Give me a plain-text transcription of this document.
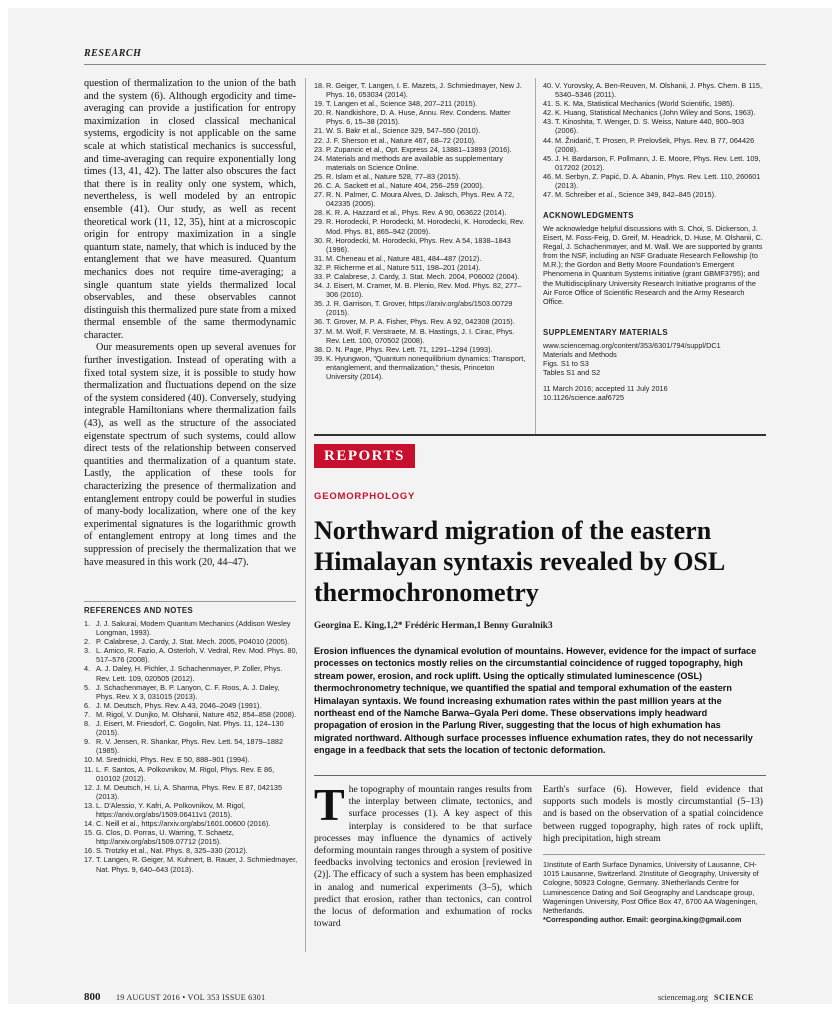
RESEARCH

question of thermalization to the union of the bath and the system (6). Although ergodicity and time-averaging can provide a justification for entropy maximization in closed classical mechanical systems, ergodicity is not applicable on the same scale at which statistical mechanics is successful, and time-averaging can require exponentially long times (13, 41, 42). The latter also obscures the fact that there is in reality only one system, which, nevertheless, is well modeled by an entropic ensemble (41). Our study, as well as recent theoretical work (11, 12, 35), hint at a microscopic origin for entropy maximization in a single quantum state, namely, that which is induced by the entanglement that we have measured. Quantum mechanics does not require time-averaging; a single quantum state yields thermalized local observables, and these observables cannot distinguish this thermalized pure state from a mixed thermal ensemble of the same thermodynamic character.

Our measurements open up several avenues for further investigation. Instead of operating with a fixed total system size, it is possible to study how thermalization and fluctuations depend on the size of the system considered (40). Conversely, studying integrable Hamiltonians where thermalization fails (43), as well as the structure of the associated eigenstate spectrum of such systems, could allow direct tests of the relationship between conserved quantities and thermalization of a quantum state. Lastly, the application of these tools for characterizing the presence of thermalization and entanglement entropy could be powerful in studies of many-body localization, where one of the key experimental signatures is the logarithmic growth of entanglement entropy at long times and the suppression of precisely the thermalization that we have measured in this work (20, 44–47).

REFERENCES AND NOTES
1. J. J. Sakurai, Modern Quantum Mechanics (Addison Wesley Longman, 1993).
2. P. Calabrese, J. Cardy, J. Stat. Mech. 2005, P04010 (2005).
3. L. Amico, R. Fazio, A. Osterloh, V. Vedral, Rev. Mod. Phys. 80, 517–576 (2008).
4. A. J. Daley, H. Pichler, J. Schachenmayer, P. Zoller, Phys. Rev. Lett. 109, 020505 (2012).
5. J. Schachenmayer, B. P. Lanyon, C. F. Roos, A. J. Daley, Phys. Rev. X 3, 031015 (2013).
6. J. M. Deutsch, Phys. Rev. A 43, 2046–2049 (1991).
7. M. Rigol, V. Dunjko, M. Olshanii, Nature 452, 854–858 (2008).
8. J. Eisert, M. Friesdorf, C. Gogolin, Nat. Phys. 11, 124–130 (2015).
9. R. V. Jensen, R. Shankar, Phys. Rev. Lett. 54, 1879–1882 (1985).
10. M. Srednicki, Phys. Rev. E 50, 888–901 (1994).
11. L. F. Santos, A. Polkovnikov, M. Rigol, Phys. Rev. E 86, 010102 (2012).
12. J. M. Deutsch, H. Li, A. Sharma, Phys. Rev. E 87, 042135 (2013).
13. L. D'Alessio, Y. Kafri, A. Polkovnikov, M. Rigol, https://arxiv.org/abs/1509.06411v1 (2015).
14. C. Neill et al., https://arxiv.org/abs/1601.00600 (2016).
15. G. Clos, D. Porras, U. Warring, T. Schaetz, http://arxiv.org/abs/1509.07712 (2015).
16. S. Trotzky et al., Nat. Phys. 8, 325–330 (2012).
17. T. Langen, R. Geiger, M. Kuhnert, B. Rauer, J. Schmiedmayer, Nat. Phys. 9, 640–643 (2013).
18. R. Geiger, T. Langen, I. E. Mazets, J. Schmiedmayer, New J. Phys. 16, 053034 (2014).
19. T. Langen et al., Science 348, 207–211 (2015).
20. R. Nandkishore, D. A. Huse, Annu. Rev. Condens. Matter Phys. 6, 15–38 (2015).
21. W. S. Bakr et al., Science 329, 547–550 (2010).
22. J. F. Sherson et al., Nature 467, 68–72 (2010).
23. P. Zupancic et al., Opt. Express 24, 13881–13893 (2016).
24. Materials and methods are available as supplementary materials on Science Online.
25. R. Islam et al., Nature 528, 77–83 (2015).
26. C. A. Sackett et al., Nature 404, 256–259 (2000).
27. R. N. Palmer, C. Moura Alves, D. Jaksch, Phys. Rev. A 72, 042335 (2005).
28. K. R. A. Hazzard et al., Phys. Rev. A 90, 063622 (2014).
29. R. Horodecki, P. Horodecki, M. Horodecki, K. Horodecki, Rev. Mod. Phys. 81, 865–942 (2009).
30. R. Horodecki, M. Horodecki, Phys. Rev. A 54, 1838–1843 (1996).
31. M. Cheneau et al., Nature 481, 484–487 (2012).
32. P. Richerme et al., Nature 511, 198–201 (2014).
33. P. Calabrese, J. Cardy, J. Stat. Mech. 2004, P06002 (2004).
34. J. Eisert, M. Cramer, M. B. Plenio, Rev. Mod. Phys. 82, 277–306 (2010).
35. J. R. Garrison, T. Grover, https://arxiv.org/abs/1503.00729 (2015).
36. T. Grover, M. P. A. Fisher, Phys. Rev. A 92, 042308 (2015).
37. M. M. Wolf, F. Verstraete, M. B. Hastings, J. I. Cirac, Phys. Rev. Lett. 100, 070502 (2008).
38. D. N. Page, Phys. Rev. Lett. 71, 1291–1294 (1993).
39. K. Hyungwon, "Quantum nonequilibrium dynamics: Transport, entanglement, and thermalization," thesis, Princeton University (2014).
40. V. Yurovsky, A. Ben-Reuven, M. Olshanii, J. Phys. Chem. B 115, 5340–5346 (2011).
41. S. K. Ma, Statistical Mechanics (World Scientific, 1985).
42. K. Huang, Statistical Mechanics (John Wiley and Sons, 1963).
43. T. Kinoshita, T. Wenger, D. S. Weiss, Nature 440, 900–903 (2006).
44. M. Žnidarič, T. Prosen, P. Prelovšek, Phys. Rev. B 77, 064426 (2008).
45. J. H. Bardarson, F. Pollmann, J. E. Moore, Phys. Rev. Lett. 109, 017202 (2012).
46. M. Serbyn, Z. Papić, D. A. Abanin, Phys. Rev. Lett. 110, 260601 (2013).
47. M. Schreiber et al., Science 349, 842–845 (2015).
ACKNOWLEDGMENTS
We acknowledge helpful discussions with S. Choi, S. Dickerson, J. Eisert, M. Foss-Feig, D. Greif, M. Headrick, D. Huse, M. Olshanii, C. Regal, J. Schachenmayer, and M. Wall. We are supported by grants from the NSF, including an NSF Graduate Research Fellowship (to M.R.); the Gordon and Betty Moore Foundation's Emergent Phenomena in Quantum Systems initiative (grant GBMF3795); and the Multidisciplinary University Research Initiative programs of the Air Force Office of Scientific Research and the Army Research Office.
SUPPLEMENTARY MATERIALS
www.sciencemag.org/content/353/6301/794/suppl/DC1
Materials and Methods
Figs. S1 to S3
Tables S1 and S2
11 March 2016; accepted 11 July 2016
10.1126/science.aaf6725
REPORTS
GEOMORPHOLOGY
Northward migration of the eastern Himalayan syntaxis revealed by OSL thermochronometry
Georgina E. King,1,2* Frédéric Herman,1 Benny Guralnik3
Erosion influences the dynamical evolution of mountains. However, evidence for the impact of surface processes on tectonics mostly relies on the circumstantial coincidence of rugged topography, high stream power, erosion, and rock uplift. Using the optically stimulated luminescence (OSL) thermochronometry technique, we quantified the spatial and temporal exhumation of the eastern Himalayan syntaxis. We found increasing exhumation rates within the past million years at the northeast end of the Namche Barwa–Gyala Peri dome. These observations imply headward propagation of erosion in the Parlung River, suggesting that the locus of high exhumation has migrated northward. Although surface processes influence exhumation rates, they do not necessarily engage in a feedback that sets the location of tectonic deformation.
T he topography of mountain ranges results from the interplay between climate, tectonics, and surface processes (1). A key aspect of this interplay is considered to be that surface processes may influence the dynamics of actively deforming mountain ranges through a system of positive feedbacks involving tectonics and erosion [reviewed in (2)]. The efficacy of such a system has been emphasized in analog and numerical experiments (3–5), which predict that erosion, rather than tectonics, can control the locus of deformation and exhumation of rocks toward
Earth's surface (6). However, field evidence that supports such models is mostly circumstantial (5–13) and is based on the observation of a spatial coincidence between rugged topography, high rates of rock uplift, high precipitation, high stream
1Institute of Earth Surface Dynamics, University of Lausanne, CH-1015 Lausanne, Switzerland. 2Institute of Geography, University of Cologne, 50923 Cologne, Germany. 3Netherlands Centre for Luminescence Dating and Soil Geography and Landscape group, Wageningen University, Post Office Box 47, 6700 AA Wageningen, Netherlands.
*Corresponding author. Email: georgina.king@gmail.com
800 19 AUGUST 2016 • VOL 353 ISSUE 6301	sciencemag.org SCIENCE
